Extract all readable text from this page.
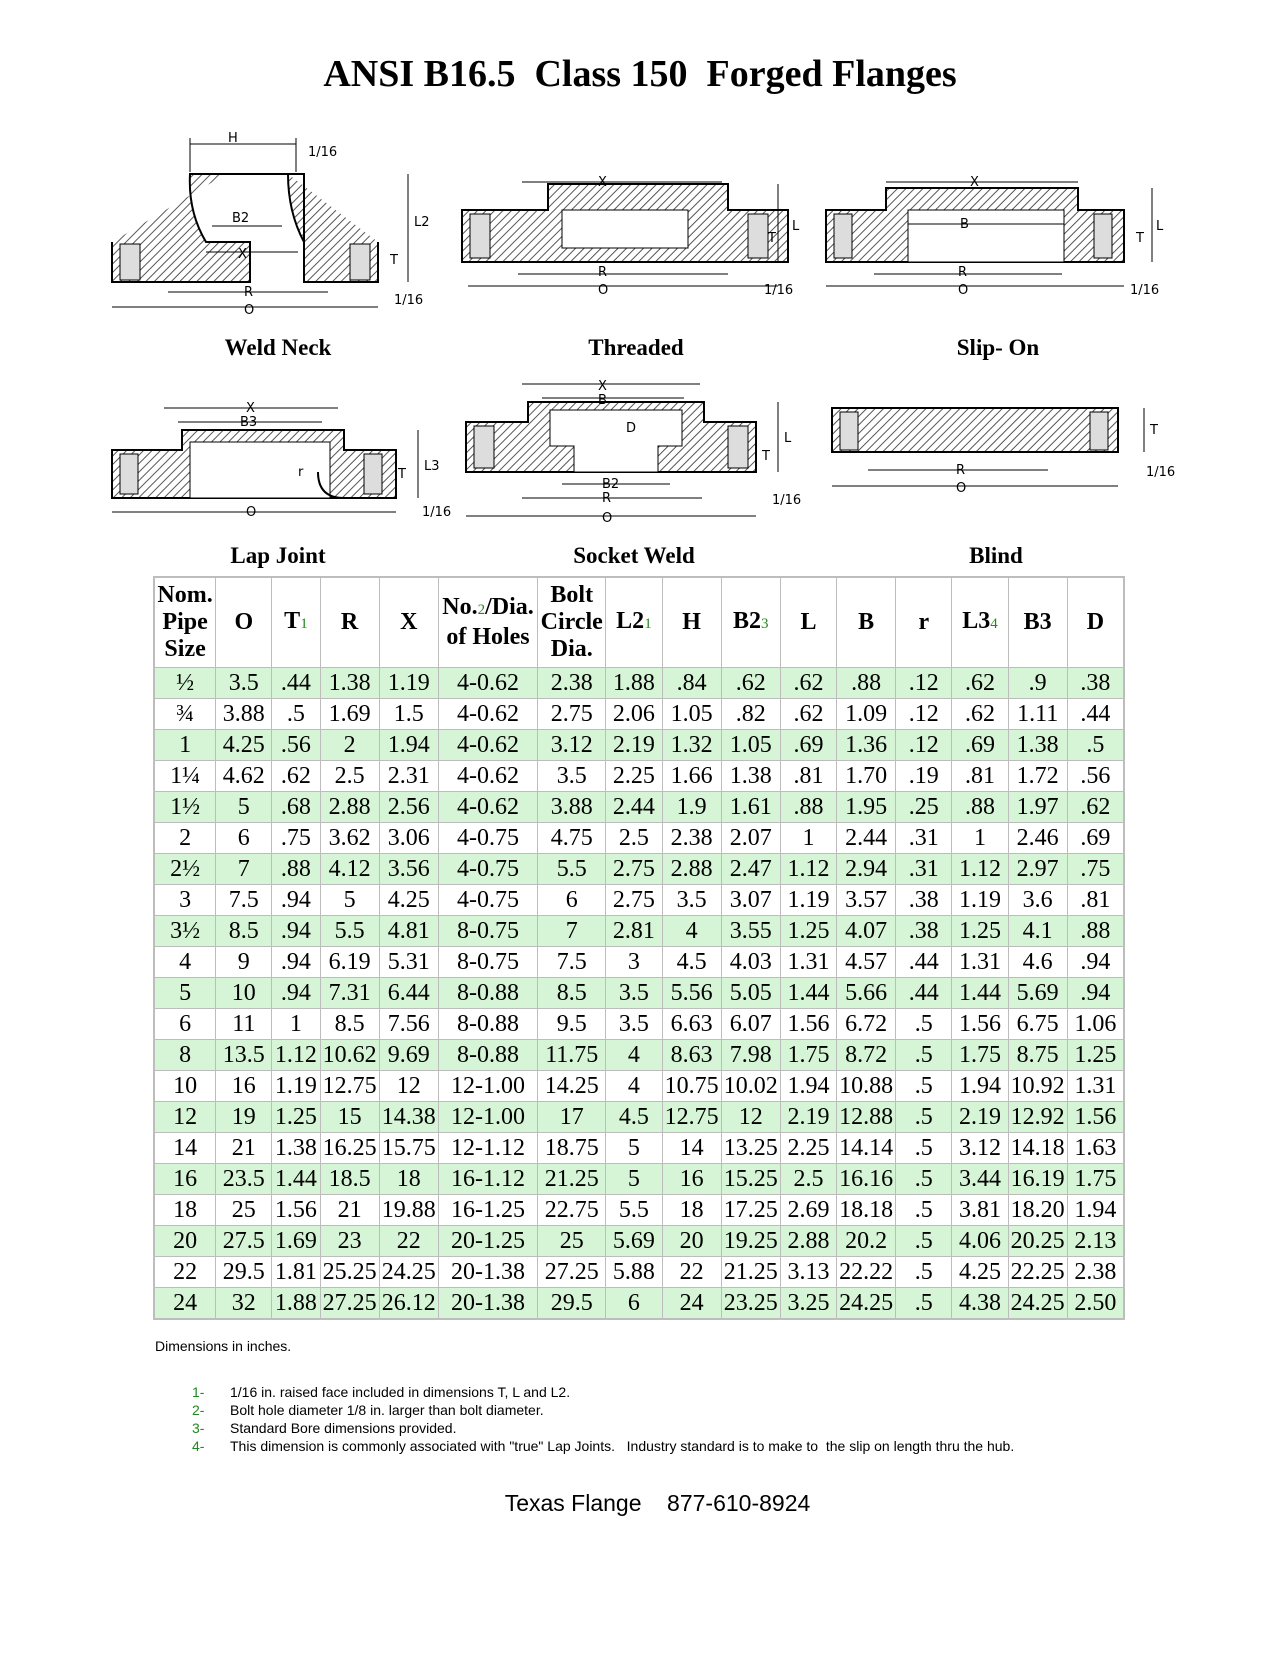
ANSI B16.5  Class 150  Forged Flanges
H
1/16
B2
X
L2
T
R
O
1/16
Weld Neck
X
T
L
R
O	1/16
Threaded
X
B
T
L
R
O	1/16
Slip- On
X
B3
r	T
L3
O	1/16
Lap Joint
X
B
D
T
L
B2
R
O
1/16
Socket Weld
T
R
O
1/16
Blind
Nom.
Pipe
Size	O	T1	R	X	No.2/Dia.
of Holes	Bolt
Circle
Dia.	L21	H	B23	L	B	r	L34	B3	D
½	3.5	.44	1.38	1.19	4-0.62	2.38	1.88	.84	.62	.62	.88	.12	.62	.9	.38
¾	3.88	.5	1.69	1.5	4-0.62	2.75	2.06	1.05	.82	.62	1.09	.12	.62	1.11	.44
1	4.25	.56	2	1.94	4-0.62	3.12	2.19	1.32	1.05	.69	1.36	.12	.69	1.38	.5
1¼	4.62	.62	2.5	2.31	4-0.62	3.5	2.25	1.66	1.38	.81	1.70	.19	.81	1.72	.56
1½	5	.68	2.88	2.56	4-0.62	3.88	2.44	1.9	1.61	.88	1.95	.25	.88	1.97	.62
2	6	.75	3.62	3.06	4-0.75	4.75	2.5	2.38	2.07	1	2.44	.31	1	2.46	.69
2½	7	.88	4.12	3.56	4-0.75	5.5	2.75	2.88	2.47	1.12	2.94	.31	1.12	2.97	.75
3	7.5	.94	5	4.25	4-0.75	6	2.75	3.5	3.07	1.19	3.57	.38	1.19	3.6	.81
3½	8.5	.94	5.5	4.81	8-0.75	7	2.81	4	3.55	1.25	4.07	.38	1.25	4.1	.88
4	9	.94	6.19	5.31	8-0.75	7.5	3	4.5	4.03	1.31	4.57	.44	1.31	4.6	.94
5	10	.94	7.31	6.44	8-0.88	8.5	3.5	5.56	5.05	1.44	5.66	.44	1.44	5.69	.94
6	11	1	8.5	7.56	8-0.88	9.5	3.5	6.63	6.07	1.56	6.72	.5	1.56	6.75	1.06
8	13.5	1.12	10.62	9.69	8-0.88	11.75	4	8.63	7.98	1.75	8.72	.5	1.75	8.75	1.25
10	16	1.19	12.75	12	12-1.00	14.25	4	10.75	10.02	1.94	10.88	.5	1.94	10.92	1.31
12	19	1.25	15	14.38	12-1.00	17	4.5	12.75	12	2.19	12.88	.5	2.19	12.92	1.56
14	21	1.38	16.25	15.75	12-1.12	18.75	5	14	13.25	2.25	14.14	.5	3.12	14.18	1.63
16	23.5	1.44	18.5	18	16-1.12	21.25	5	16	15.25	2.5	16.16	.5	3.44	16.19	1.75
18	25	1.56	21	19.88	16-1.25	22.75	5.5	18	17.25	2.69	18.18	.5	3.81	18.20	1.94
20	27.5	1.69	23	22	20-1.25	25	5.69	20	19.25	2.88	20.2	.5	4.06	20.25	2.13
22	29.5	1.81	25.25	24.25	20-1.38	27.25	5.88	22	21.25	3.13	22.22	.5	4.25	22.25	2.38
24	32	1.88	27.25	26.12	20-1.38	29.5	6	24	23.25	3.25	24.25	.5	4.38	24.25	2.50
Dimensions in inches.
1- 1/16 in. raised face included in dimensions T, L and L2.
2- Bolt hole diameter 1/8 in. larger than bolt diameter.
3- Standard Bore dimensions provided.
4- This dimension is commonly associated with "true" Lap Joints.   Industry standard is to make to  the slip on length thru the hub.
Texas Flange    877-610-8924
